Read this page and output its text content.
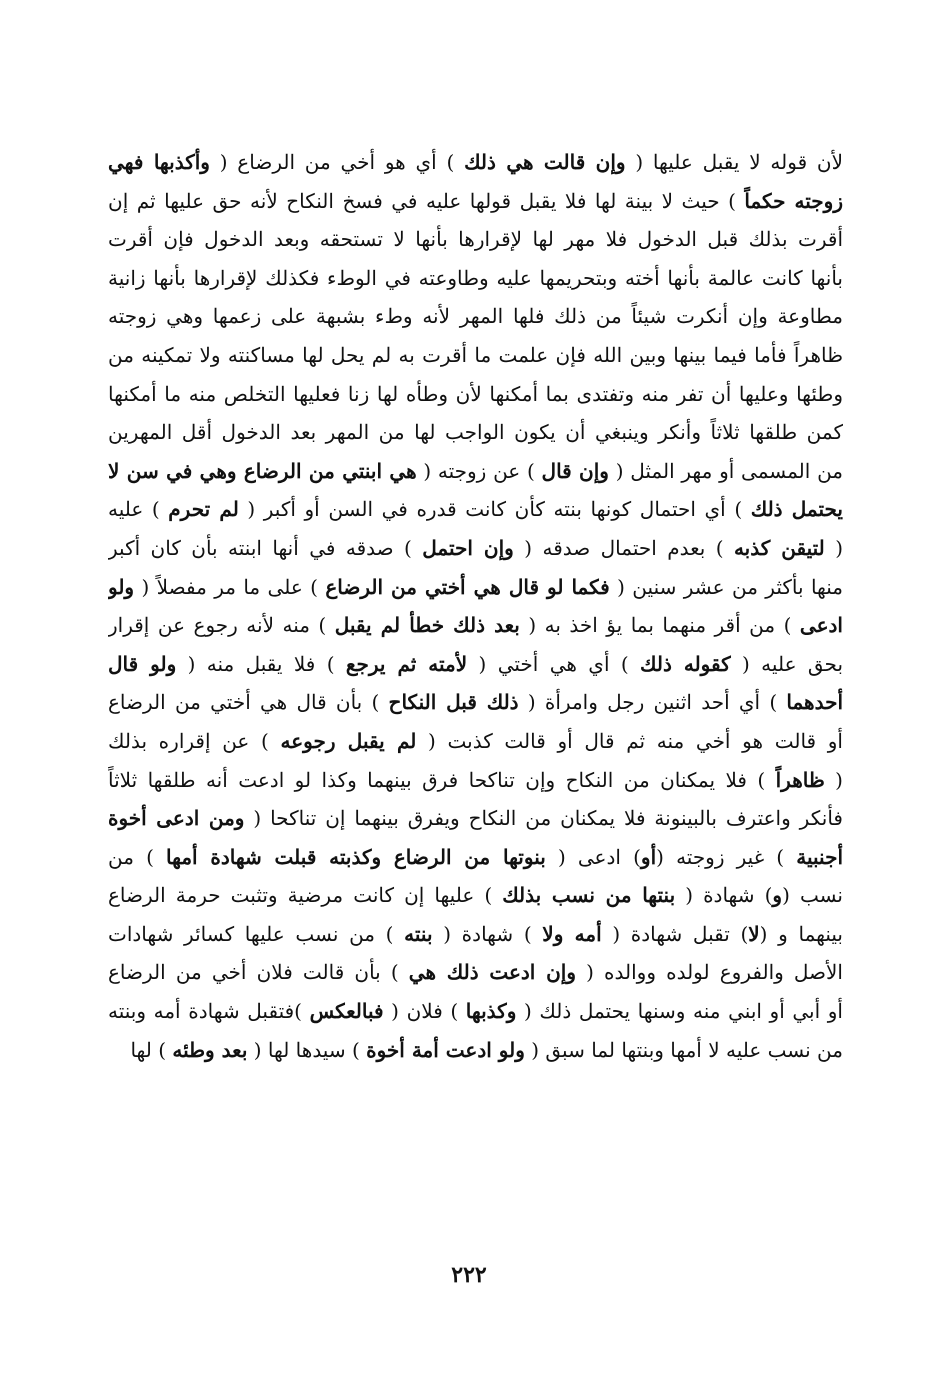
لأن قوله لا يقبل عليها ( وإن قالت هي ذلك ) أي هو أخي من الرضاع ( وأكذبها فهي
زوجته حكماً ) حيث لا بينة لها فلا يقبل قولها عليه في فسخ النكاح لأنه حق عليها ثم إن
أقرت بذلك قبل الدخول فلا مهر لها لإقرارها بأنها لا تستحقه وبعد الدخول فإن أقرت
بأنها كانت عالمة بأنها أخته وبتحريمها عليه وطاوعته في الوطء فكذلك لإقرارها بأنها زانية
مطاوعة وإن أنكرت شيئاً من ذلك فلها المهر لأنه وطء بشبهة على زعمها وهي زوجته
ظاهراً فأما فيما بينها وبين الله فإن علمت ما أقرت به لم يحل لها مساكنته ولا تمكينه من
وطئها وعليها أن تفر منه وتفتدى بما أمكنها لأن وطأه لها زنا فعليها التخلص منه ما أمكنها
كمن طلقها ثلاثاً وأنكر وينبغي أن يكون الواجب لها من المهر بعد الدخول أقل المهرين
من المسمى أو مهر المثل ( وإن قال ) عن زوجته ( هي ابنتي من الرضاع وهي في سن لا
يحتمل ذلك ) أي احتمال كونها بنته كأن كانت قدره في السن أو أكبر ( لم تحرم ) عليه
( لتيقن كذبه ) بعدم احتمال صدقه ( وإن احتمل ) صدقه في أنها ابنته بأن كان أكبر
منها بأكثر من عشر سنين ( فكما لو قال هي أختي من الرضاع ) على ما مر مفصلاً ( ولو
ادعى ) من أقر منهما بما يؤ اخذ به ( بعد ذلك خطأ لم يقبل ) منه لأنه رجوع عن إقرار
بحق عليه ( كقوله ذلك ) أي هي أختي ( لأمته ثم يرجع ) فلا يقبل منه ( ولو قال
أحدهما ) أي أحد اثنين رجل وامرأة ( ذلك قبل النكاح ) بأن قال هي أختي من الرضاع
أو قالت هو أخي منه ثم قال أو قالت كذبت ( لم يقبل رجوعه ) عن إقراره بذلك
( ظاهراً ) فلا يمكنان من النكاح وإن تناكحا فرق بينهما وكذا لو ادعت أنه طلقها ثلاثاً
فأنكر واعترف بالبينونة فلا يمكنان من النكاح ويفرق بينهما إن تناكحا ( ومن ادعى أخوة
أجنبية ) غير زوجته (أو) ادعى ( بنوتها من الرضاع وكذبته قبلت شهادة أمها ) من
نسب (و) شهادة ( بنتها من نسب بذلك ) عليها إن كانت مرضية وتثبت حرمة الرضاع
بينهما و (لا) تقبل شهادة ( أمه ولا ) شهادة ( بنته ) من نسب عليها كسائر شهادات
الأصل والفروع لولده ووالده ( وإن ادعت ذلك هي ) بأن قالت فلان أخي من الرضاع
أو أبي أو ابني منه وسنها يحتمل ذلك ( وكذبها ) فلان ( فبالعكس )فتقبل شهادة أمه وبنته
من نسب عليه لا أمها وبنتها لما سبق ( ولو ادعت أمة أخوة ) سيدها لها ( بعد وطئه ) لها
٢٢٢
